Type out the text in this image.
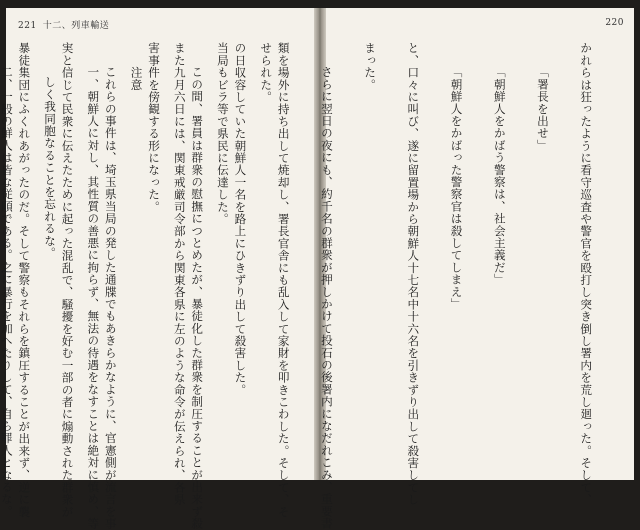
221 十二、列車輸送

せられた。

当局もビラ等で県民に伝達した。

また九月六日には、関東戒厳司令部から関東各県に左のような命令が伝えられ、各県

　　注意

一、朝鮮人に対し、其性質の善悪に拘らず、無法の待遇をなすことは絶対に慎め、等

しく我同胞なることを忘れるな。

二、一般の鮮人は皆な従順である。之に暴行を加へたりして、自ら罪人となるな。

220

かれらは狂ったように看守巡査や警官を殴打し突き倒し署内を荒し廻った。そして、

「署長を出せ」

「朝鮮人をかばう警察は、社会主義だ」

「朝鮮人をかばった警察官は殺してしまえ」

と、口々に叫び、遂に留置場から朝鮮人十七名中十六名を引きずり出して殺害してし

まった。

さらに翌日の夜にも、約千名の群衆が押しかけて投石の後署内になだれこみ、重要書

類を場外に持ち出して焼却し、署長官舎にも乱入して家財を叩きこわした。そして、そ

の日収容していた朝鮮人一名を路上にひきずり出して殺害した。

この間、署員は群衆の慰撫につとめたが、暴徒化した群衆を制圧することが出来ず殺

害事件を傍観する形になった。

これらの事件は、埼玉県当局の発した通牒でもあきらかなように、官憲側が流言を事

実と信じて民衆に伝えたために起った混乱で、騒擾を好む一部の者に煽動された群衆が

暴徒集団にふくれあがったのだ。そして警察もそれらを鎮圧することが出来ず、逆に襲
